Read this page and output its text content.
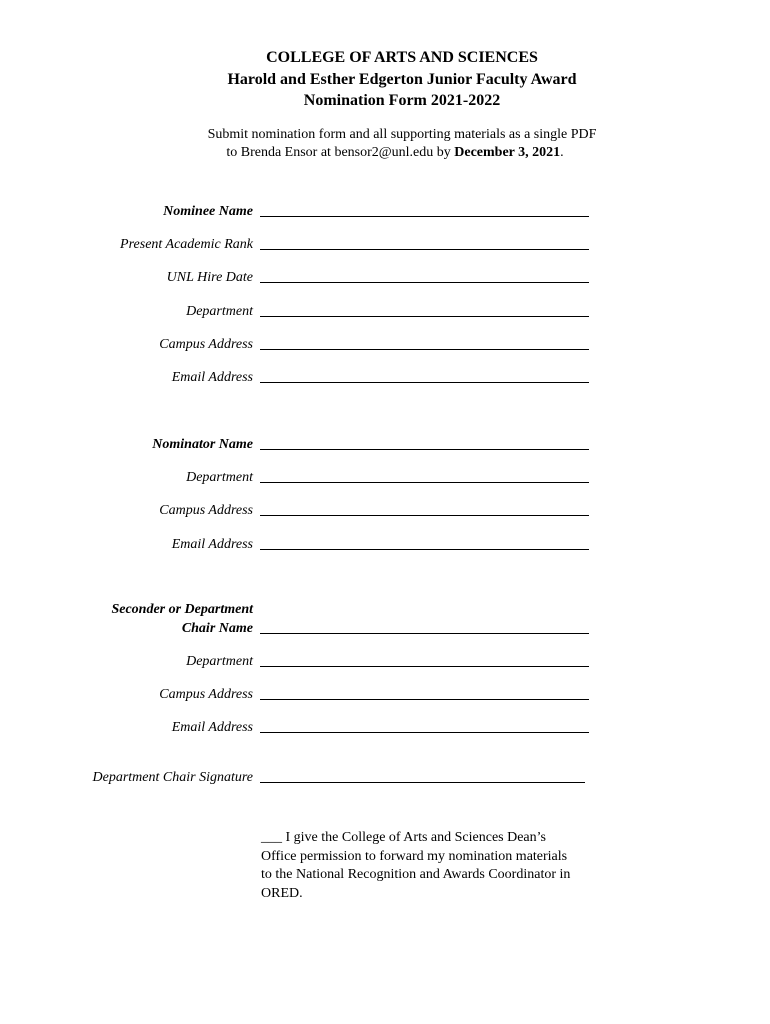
COLLEGE OF ARTS AND SCIENCES
Harold and Esther Edgerton Junior Faculty Award
Nomination Form 2021-2022
Submit nomination form and all supporting materials as a single PDF
to Brenda Ensor at bensor2@unl.edu by December 3, 2021.
Nominee Name
Present Academic Rank
UNL Hire Date
Department
Campus Address
Email Address
Nominator Name
Department
Campus Address
Email Address
Seconder or Department
Chair Name
Department
Campus Address
Email Address
Department Chair Signature
___ I give the College of Arts and Sciences Dean’s Office permission to forward my nomination materials to the National Recognition and Awards Coordinator in ORED.
